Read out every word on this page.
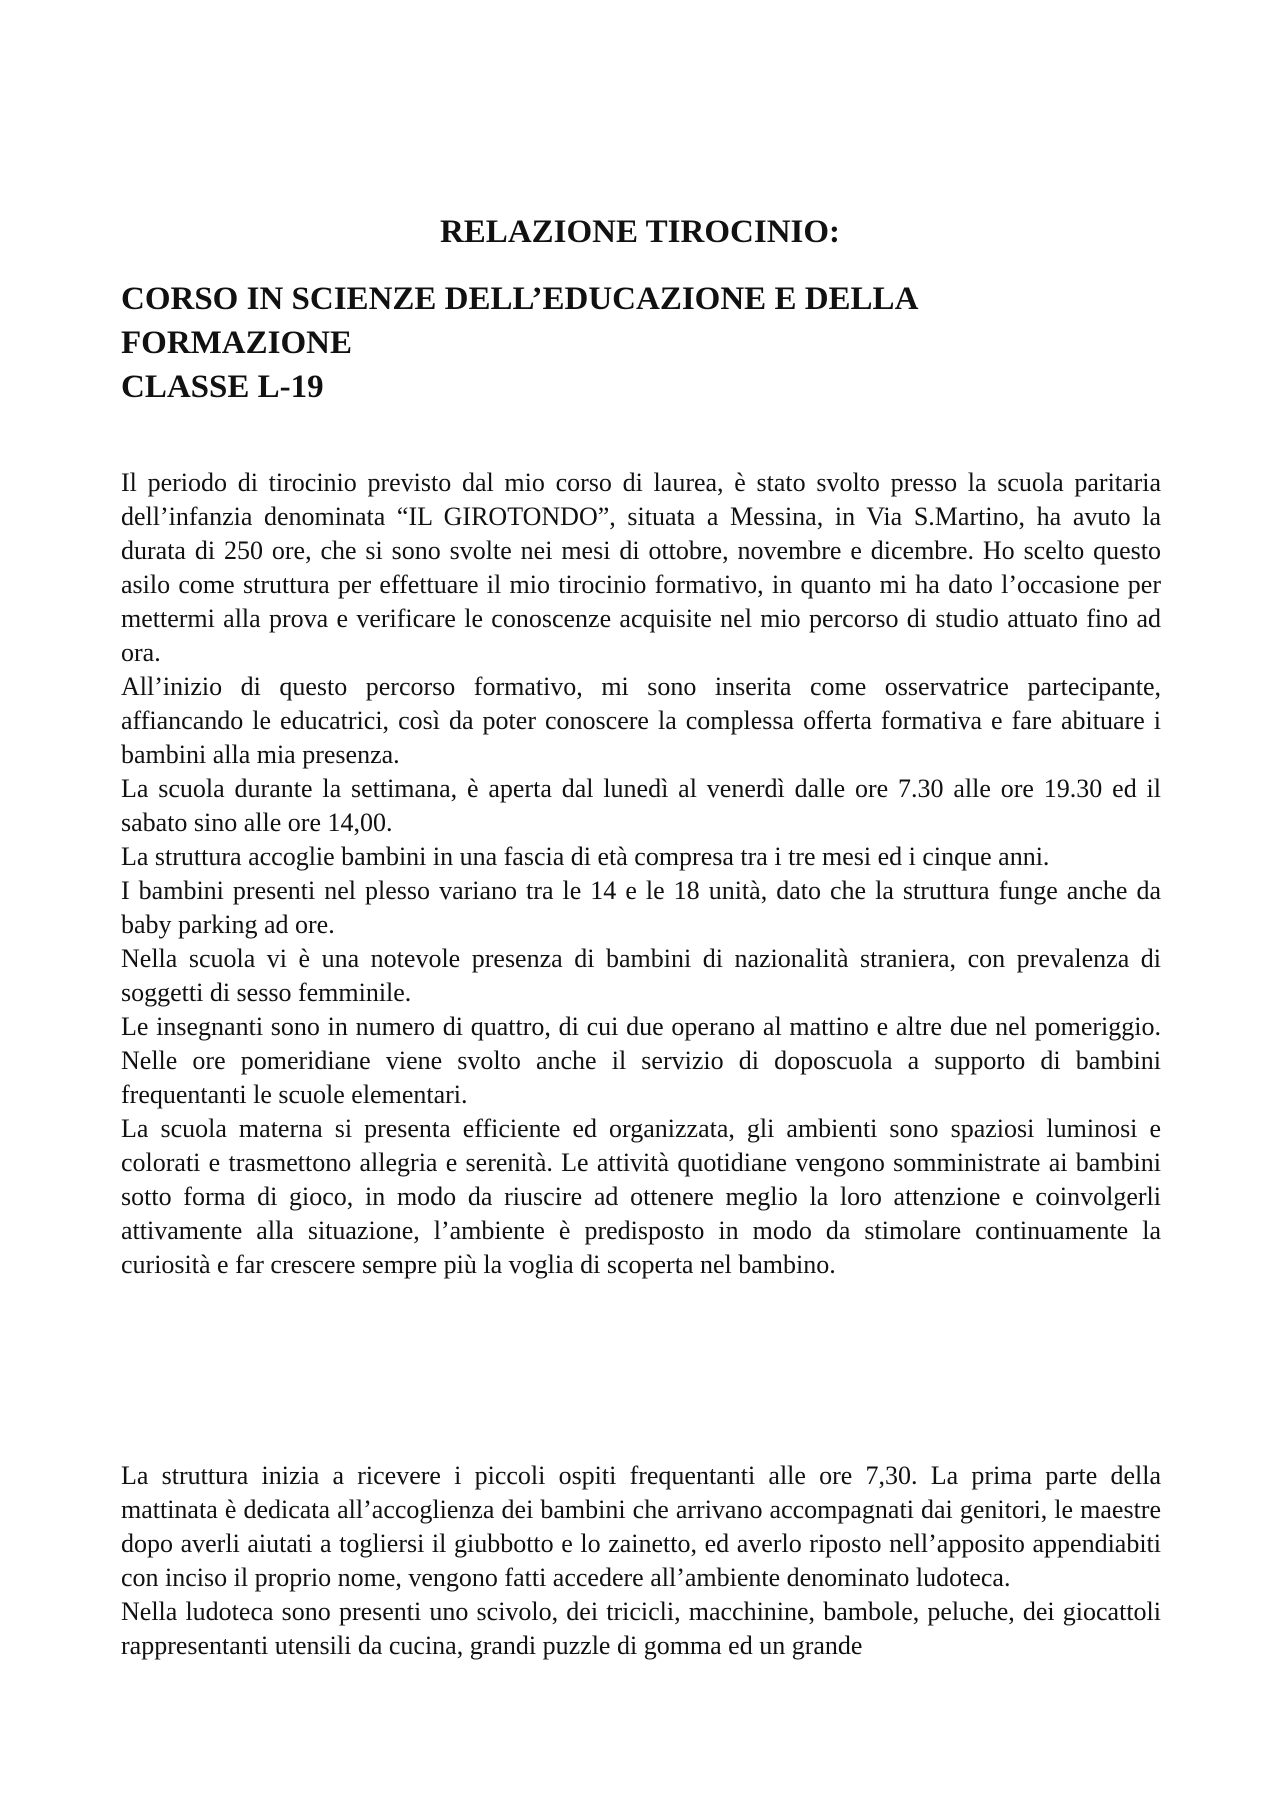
RELAZIONE TIROCINIO:
CORSO IN SCIENZE DELL’EDUCAZIONE E DELLA
FORMAZIONE
CLASSE L-19

Il periodo di tirocinio previsto dal mio corso di laurea, è stato svolto presso la scuola paritaria dell’infanzia denominata “IL GIROTONDO”, situata a Messina, in Via S.Martino, ha avuto la durata di 250 ore, che si sono svolte nei mesi di ottobre, novembre e dicembre. Ho scelto questo asilo come struttura per effettuare il mio tirocinio formativo, in quanto mi ha dato l’occasione per mettermi alla prova e verificare le conoscenze acquisite nel mio percorso di studio attuato fino ad ora.

All’inizio di questo percorso formativo, mi sono inserita come osservatrice partecipante, affiancando le educatrici, così da poter conoscere la complessa offerta formativa e fare abituare i bambini alla mia presenza.

La scuola durante la settimana, è aperta dal lunedì al venerdì dalle ore 7.30 alle ore 19.30 ed il sabato sino alle ore 14,00.

La struttura accoglie bambini in una fascia di età compresa tra i tre mesi ed i cinque anni.

I bambini presenti nel plesso variano tra le 14 e le 18 unità, dato che la struttura funge anche da baby parking ad ore.

Nella scuola vi è una notevole presenza di bambini di nazionalità straniera, con prevalenza di soggetti di sesso femminile.

Le insegnanti sono in numero di quattro, di cui due operano al mattino e altre due nel pomeriggio. Nelle ore pomeridiane viene svolto anche il servizio di doposcuola a supporto di bambini frequentanti le scuole elementari.

La scuola materna si presenta efficiente ed organizzata, gli ambienti sono spaziosi luminosi e colorati e trasmettono allegria e serenità. Le attività quotidiane vengono somministrate ai bambini sotto forma di gioco, in modo da riuscire ad ottenere meglio la loro attenzione e coinvolgerli attivamente alla situazione, l’ambiente è predisposto in modo da stimolare continuamente la curiosità e far crescere sempre più la voglia di scoperta nel bambino.

La struttura inizia a ricevere i piccoli ospiti frequentanti alle ore 7,30. La prima parte della mattinata è dedicata all’accoglienza dei bambini che arrivano accompagnati dai genitori, le maestre dopo averli aiutati a togliersi il giubbotto e lo zainetto, ed averlo riposto nell’apposito appendiabiti con inciso il proprio nome, vengono fatti accedere all’ambiente denominato ludoteca.

Nella ludoteca sono presenti uno scivolo, dei tricicli, macchinine, bambole, peluche, dei giocattoli rappresentanti utensili da cucina, grandi puzzle di gomma ed un grande
